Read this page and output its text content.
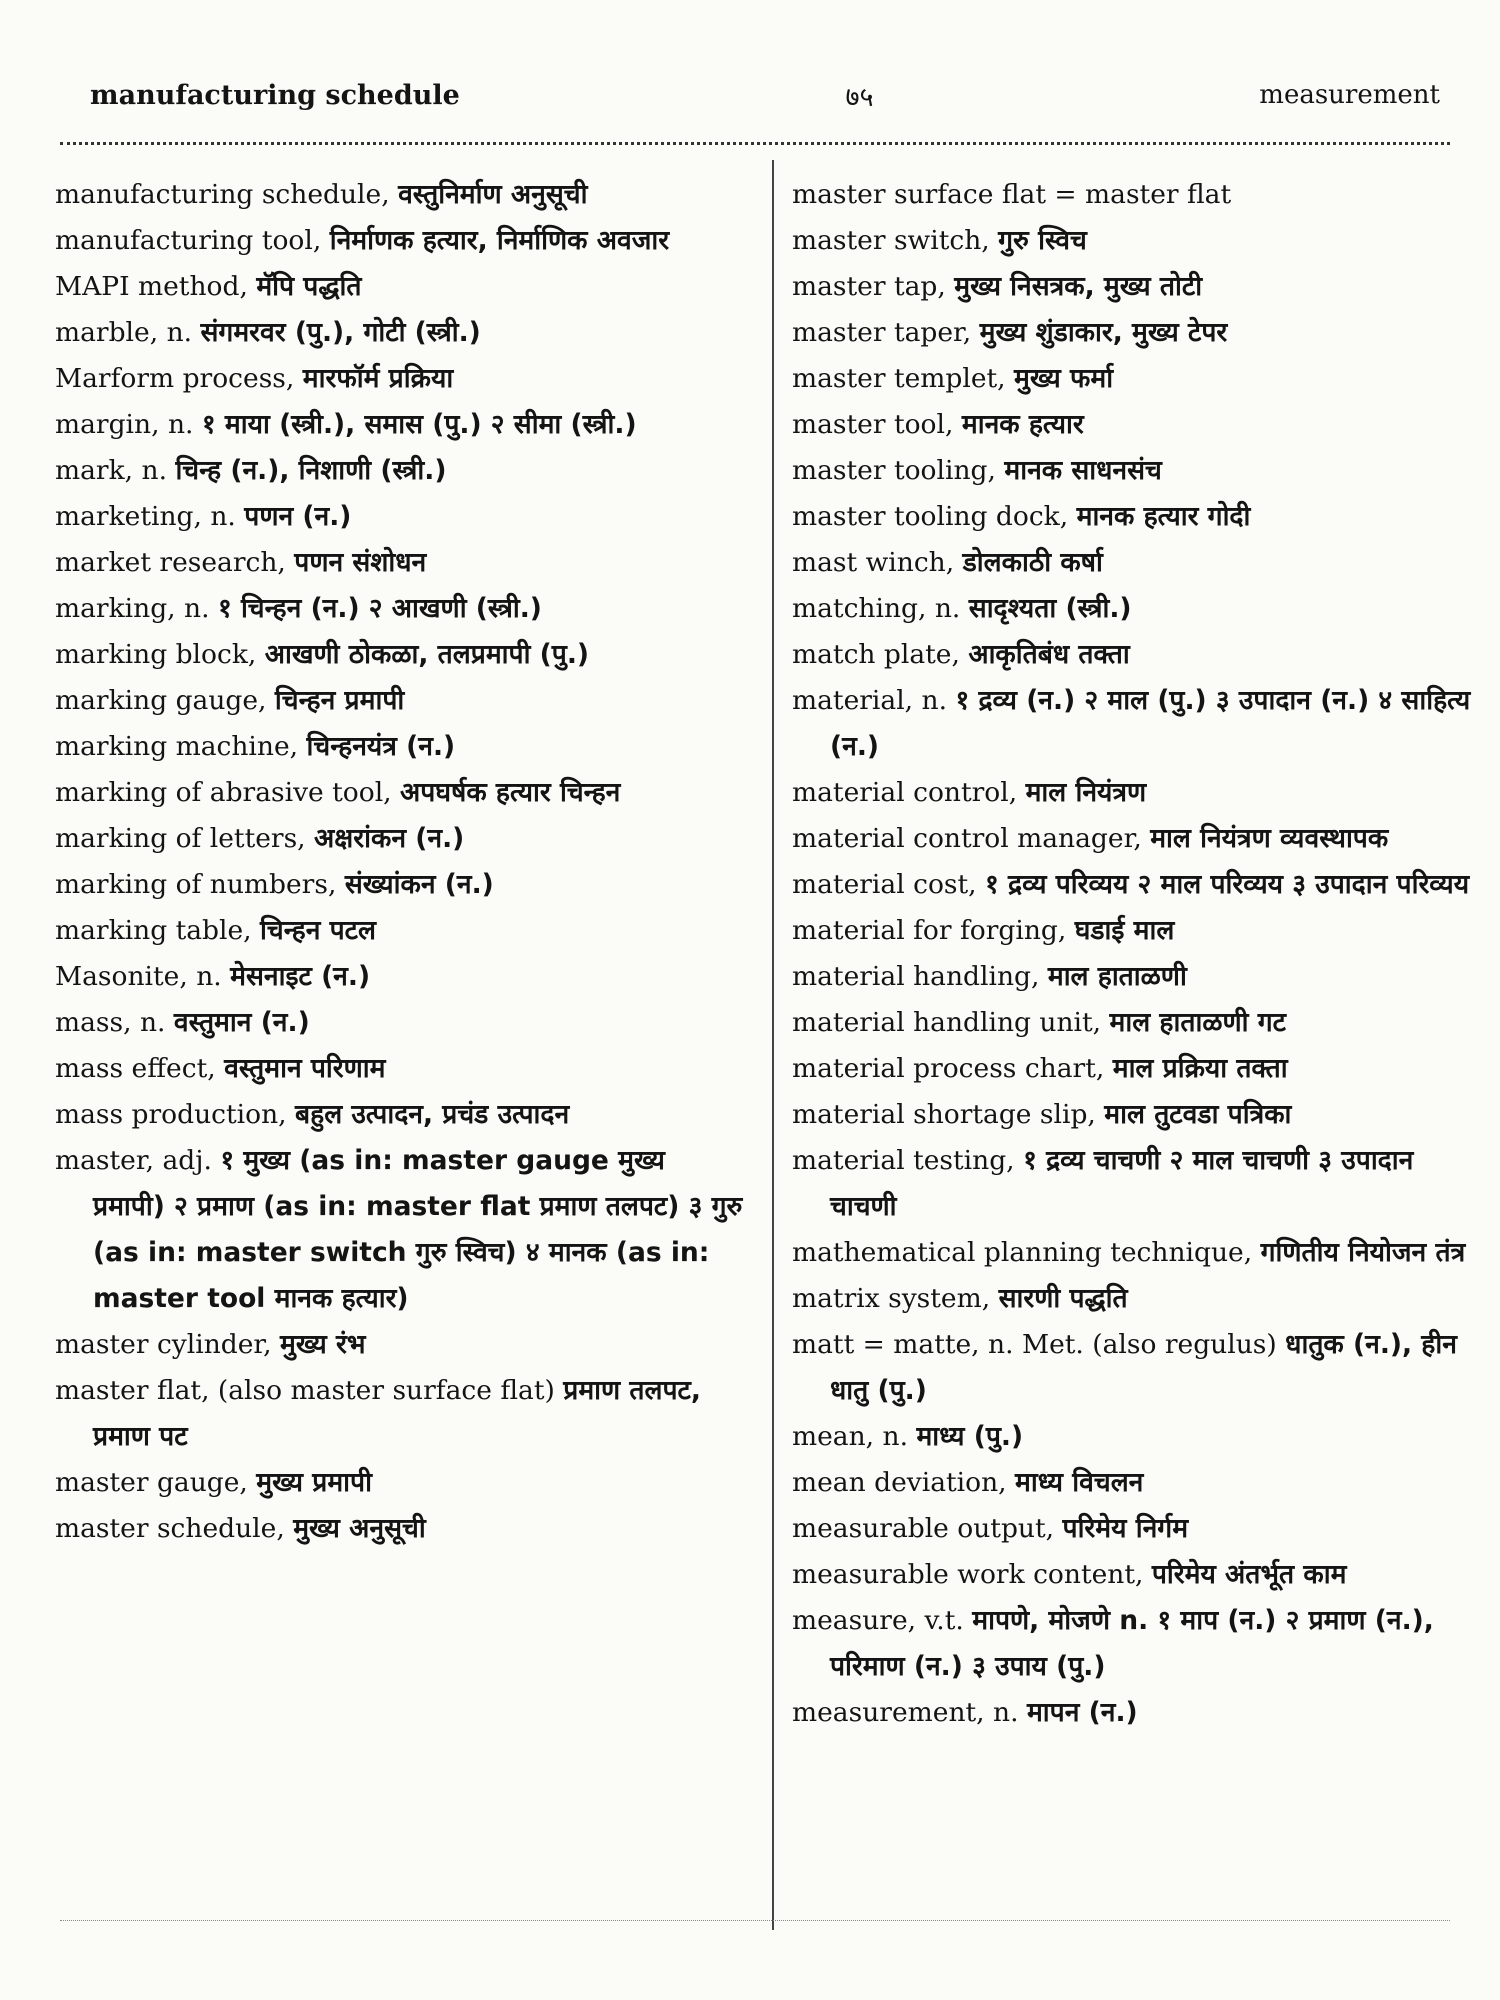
manufacturing schedule	७५	measurement

manufacturing schedule, वस्तुनिर्माण अनुसूची

manufacturing tool, निर्माणक हत्यार, निर्माणिक अवजार

MAPI method, मॅपि पद्धति

marble, n. संगमरवर (पु.), गोटी (स्त्री.)

Marform process, मारफॉर्म प्रक्रिया

margin, n. १ माया (स्त्री.), समास (पु.) २ सीमा (स्त्री.)

mark, n. चिन्ह (न.), निशाणी (स्त्री.)

marketing, n. पणन (न.)

market research, पणन संशोधन

marking, n. १ चिन्हन (न.) २ आखणी (स्त्री.)

marking block, आखणी ठोकळा, तलप्रमापी (पु.)

marking gauge, चिन्हन प्रमापी

marking machine, चिन्हनयंत्र (न.)

marking of abrasive tool, अपघर्षक हत्यार चिन्हन

marking of letters, अक्षरांकन (न.)

marking of numbers, संख्यांकन (न.)

marking table, चिन्हन पटल

Masonite, n. मेसनाइट (न.)

mass, n. वस्तुमान (न.)

mass effect, वस्तुमान परिणाम

mass production, बहुल उत्पादन, प्रचंड उत्पादन

master, adj. १ मुख्य (as in: master gauge मुख्य प्रमापी) २ प्रमाण (as in: master flat प्रमाण तलपट) ३ गुरु (as in: master switch गुरु स्विच) ४ मानक (as in: master tool मानक हत्यार)

master cylinder, मुख्य रंभ

master flat, (also master surface flat) प्रमाण तलपट, प्रमाण पट

master gauge, मुख्य प्रमापी

master schedule, मुख्य अनुसूची

master surface flat = master flat

master switch, गुरु स्विच

master tap, मुख्य निसत्रक, मुख्य तोटी

master taper, मुख्य शुंडाकार, मुख्य टेपर

master templet, मुख्य फर्मा

master tool, मानक हत्यार

master tooling, मानक साधनसंच

master tooling dock, मानक हत्यार गोदी

mast winch, डोलकाठी कर्षा

matching, n. सादृश्यता (स्त्री.)

match plate, आकृतिबंध तक्ता

material, n. १ द्रव्य (न.) २ माल (पु.) ३ उपादान (न.) ४ साहित्य (न.)

material control, माल नियंत्रण

material control manager, माल नियंत्रण व्यवस्थापक

material cost, १ द्रव्य परिव्यय २ माल परिव्यय ३ उपादान परिव्यय

material for forging, घडाई माल

material handling, माल हाताळणी

material handling unit, माल हाताळणी गट

material process chart, माल प्रक्रिया तक्ता

material shortage slip, माल तुटवडा पत्रिका

material testing, १ द्रव्य चाचणी २ माल चाचणी ३ उपादान चाचणी

mathematical planning technique, गणितीय नियोजन तंत्र

matrix system, सारणी पद्धति

matt = matte, n. Met. (also regulus) धातुक (न.), हीन धातु (पु.)

mean, n. माध्य (पु.)

mean deviation, माध्य विचलन

measurable output, परिमेय निर्गम

measurable work content, परिमेय अंतर्भूत काम

measure, v.t. मापणे, मोजणे n. १ माप (न.) २ प्रमाण (न.), परिमाण (न.) ३ उपाय (पु.)

measurement, n. मापन (न.)
